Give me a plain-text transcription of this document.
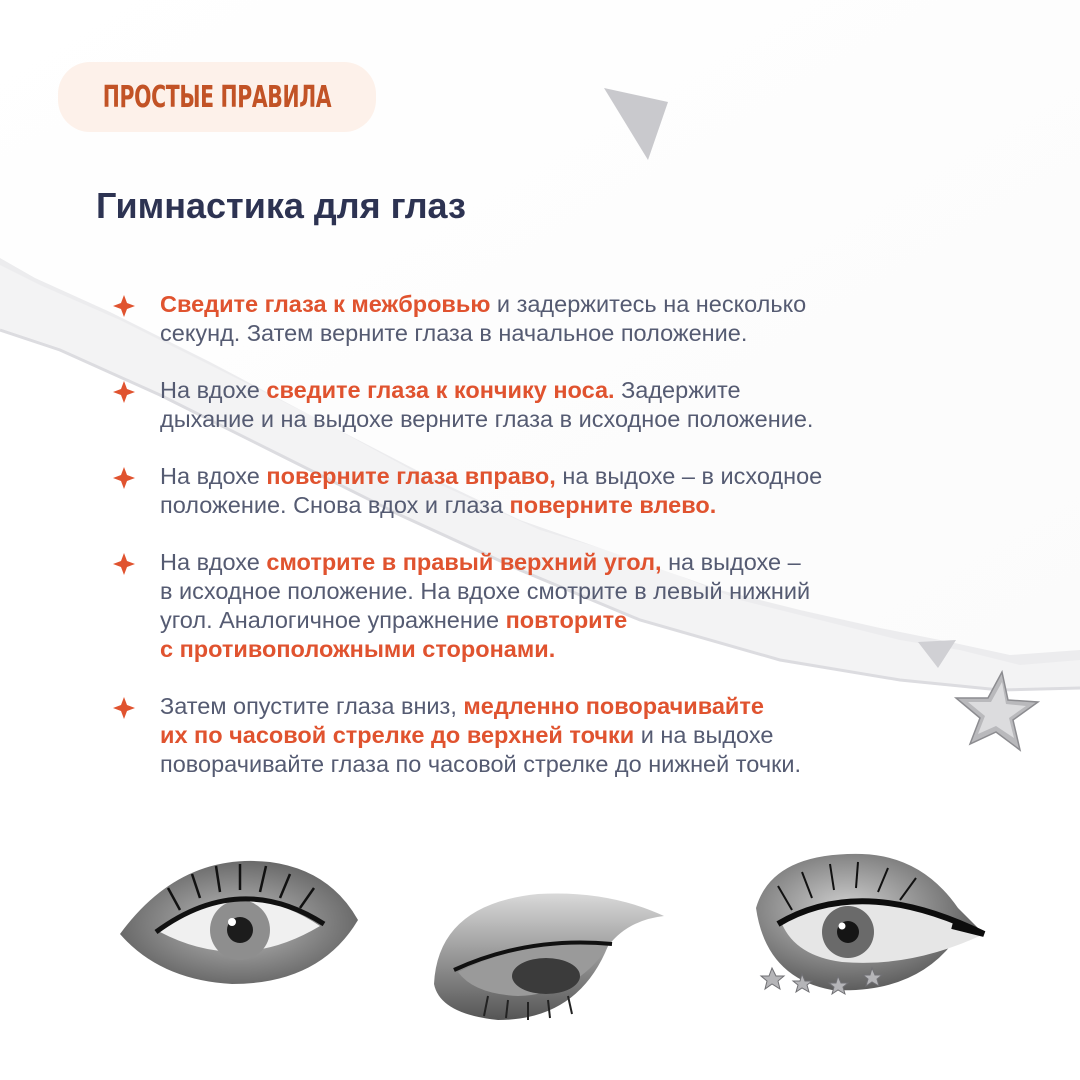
ПРОСТЫЕ ПРАВИЛА
Гимнастика для глаз
Сведите глаза к межбровью и задержитесь на несколько
секунд. Затем верните глаза в начальное положение.
На вдохе сведите глаза к кончику носа. Задержите
дыхание и на выдохе верните глаза в исходное положение.
На вдохе поверните глаза вправо, на выдохе – в исходное
положение. Снова вдох и глаза поверните влево.
На вдохе смотрите в правый верхний угол, на выдохе –
в исходное положение. На вдохе смотрите в левый нижний
угол. Аналогичное упражнение повторите
с противоположными сторонами.
Затем опустите глаза вниз, медленно поворачивайте
их по часовой стрелке до верхней точки и на выдохе
поворачивайте глаза по часовой стрелке до нижней точки.
